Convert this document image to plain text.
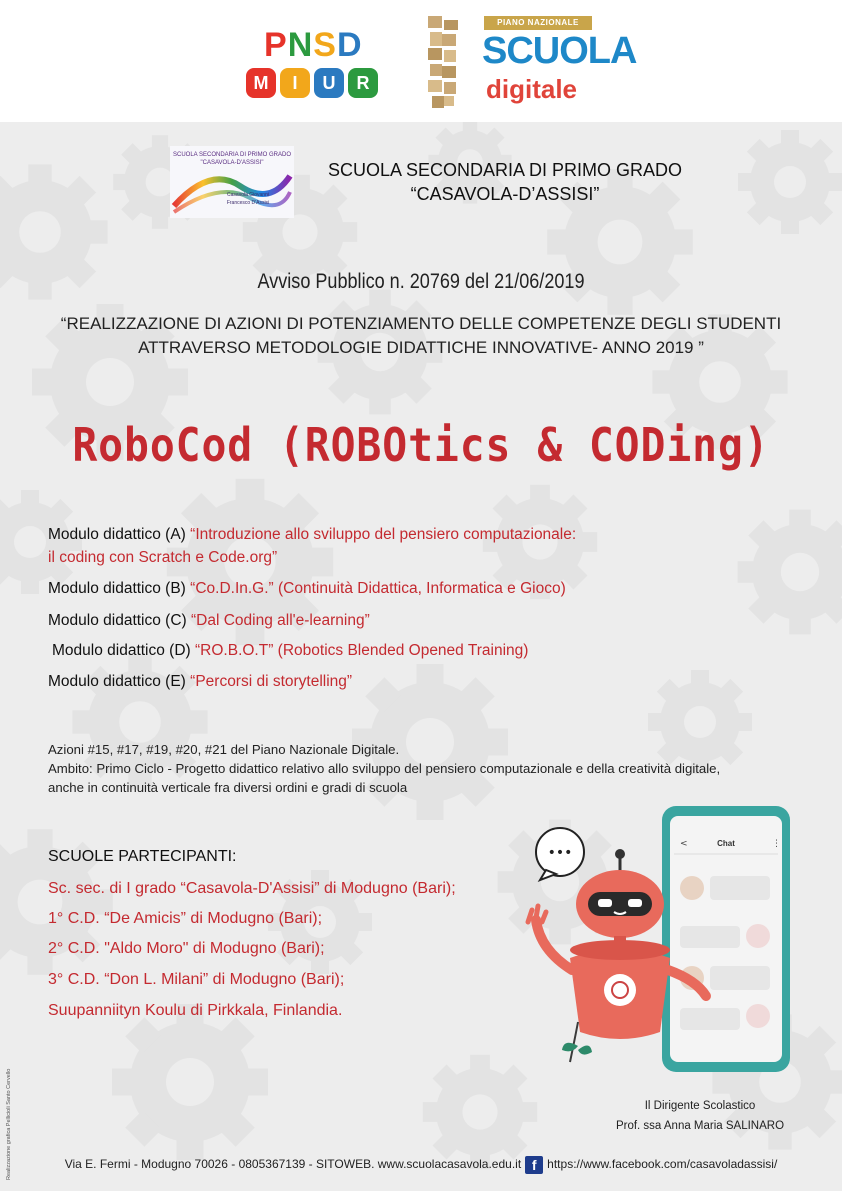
PNSD
M	I	U	R
PIANO NAZIONALE
SCUOLA
digitale
SCUOLA SECONDARIA DI PRIMO GRADO
"CASAVOLA-D'ASSISI"
Casavola Giovanni
Francesco D'Assisi
SCUOLA SECONDARIA DI PRIMO GRADO
“CASAVOLA-D’ASSISI”
Avviso Pubblico n. 20769 del 21/06/2019
“REALIZZAZIONE DI AZIONI DI POTENZIAMENTO DELLE COMPETENZE DEGLI STUDENTI
ATTRAVERSO METODOLOGIE DIDATTICHE INNOVATIVE- ANNO 2019 ”
RoboCod (ROBOtics & CODing)
Modulo didattico (A) “Introduzione allo sviluppo del pensiero computazionale:
il coding con Scratch e Code.org”
Modulo didattico (B) “Co.D.In.G.” (Continuità Didattica, Informatica e Gioco)
Modulo didattico (C) “Dal Coding all'e-learning”
Modulo didattico (D) “RO.B.O.T” (Robotics Blended Opened Training)
Modulo didattico (E) “Percorsi di storytelling”
Azioni #15, #17, #19, #20, #21 del Piano Nazionale Digitale.
Ambito: Primo Ciclo - Progetto didattico relativo allo sviluppo del pensiero computazionale e della creatività digitale,
anche in continuità verticale fra diversi ordini e gradi di scuola
SCUOLE PARTECIPANTI:
Sc. sec. di I grado “Casavola-D'Assisi” di Modugno (Bari);
1° C.D. “De Amicis” di Modugno (Bari);
2° C.D. "Aldo Moro" di Modugno (Bari);
3° C.D. “Don L. Milani” di Modugno (Bari);
Suupanniityn Koulu di Pirkkala, Finlandia.
•••
<	Chat	⋮
Il Dirigente Scolastico
Prof. ssa Anna Maria SALINARO
Via E. Fermi - Modugno 70026 - 0805367139 - SITOWEB. www.scuolacasavola.edu.it f https://www.facebook.com/casavoladassisi/
Realizzazione grafica Pellicioli Santo Cervello
